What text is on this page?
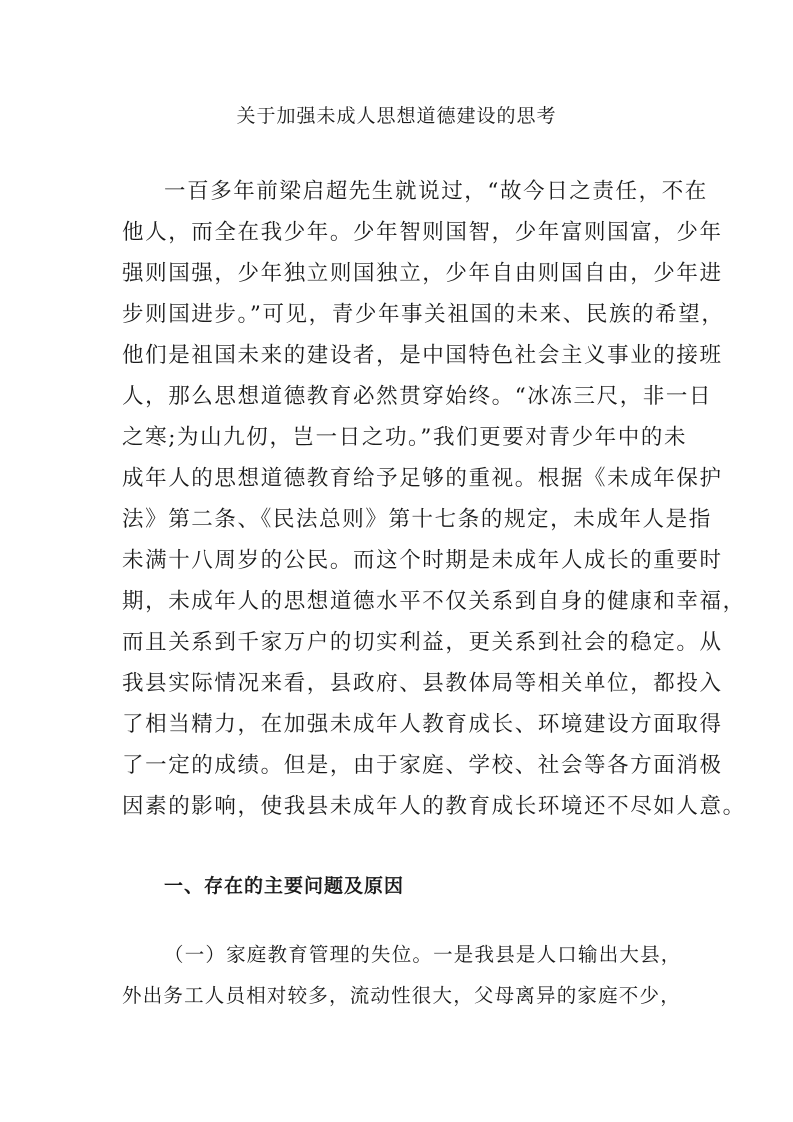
关于加强未成人思想道德建设的思考
一百多年前梁启超先生就说过，“故今日之责任，不在
他人，而全在我少年。少年智则国智，少年富则国富，少年
强则国强，少年独立则国独立，少年自由则国自由，少年进
步则国进步。”可见，青少年事关祖国的未来、民族的希望，
他们是祖国未来的建设者，是中国特色社会主义事业的接班
人，那么思想道德教育必然贯穿始终。“冰冻三尺，非一日
之寒;为山九仞，岂一日之功。”我们更要对青少年中的未
成年人的思想道德教育给予足够的重视。根据《未成年保护
法》第二条、《民法总则》第十七条的规定，未成年人是指
未满十八周岁的公民。而这个时期是未成年人成长的重要时
期，未成年人的思想道德水平不仅关系到自身的健康和幸福，
而且关系到千家万户的切实利益，更关系到社会的稳定。从
我县实际情况来看，县政府、县教体局等相关单位，都投入
了相当精力，在加强未成年人教育成长、环境建设方面取得
了一定的成绩。但是，由于家庭、学校、社会等各方面消极
因素的影响，使我县未成年人的教育成长环境还不尽如人意。
一、存在的主要问题及原因
（一）家庭教育管理的失位。一是我县是人口输出大县，
外出务工人员相对较多，流动性很大，父母离异的家庭不少，
